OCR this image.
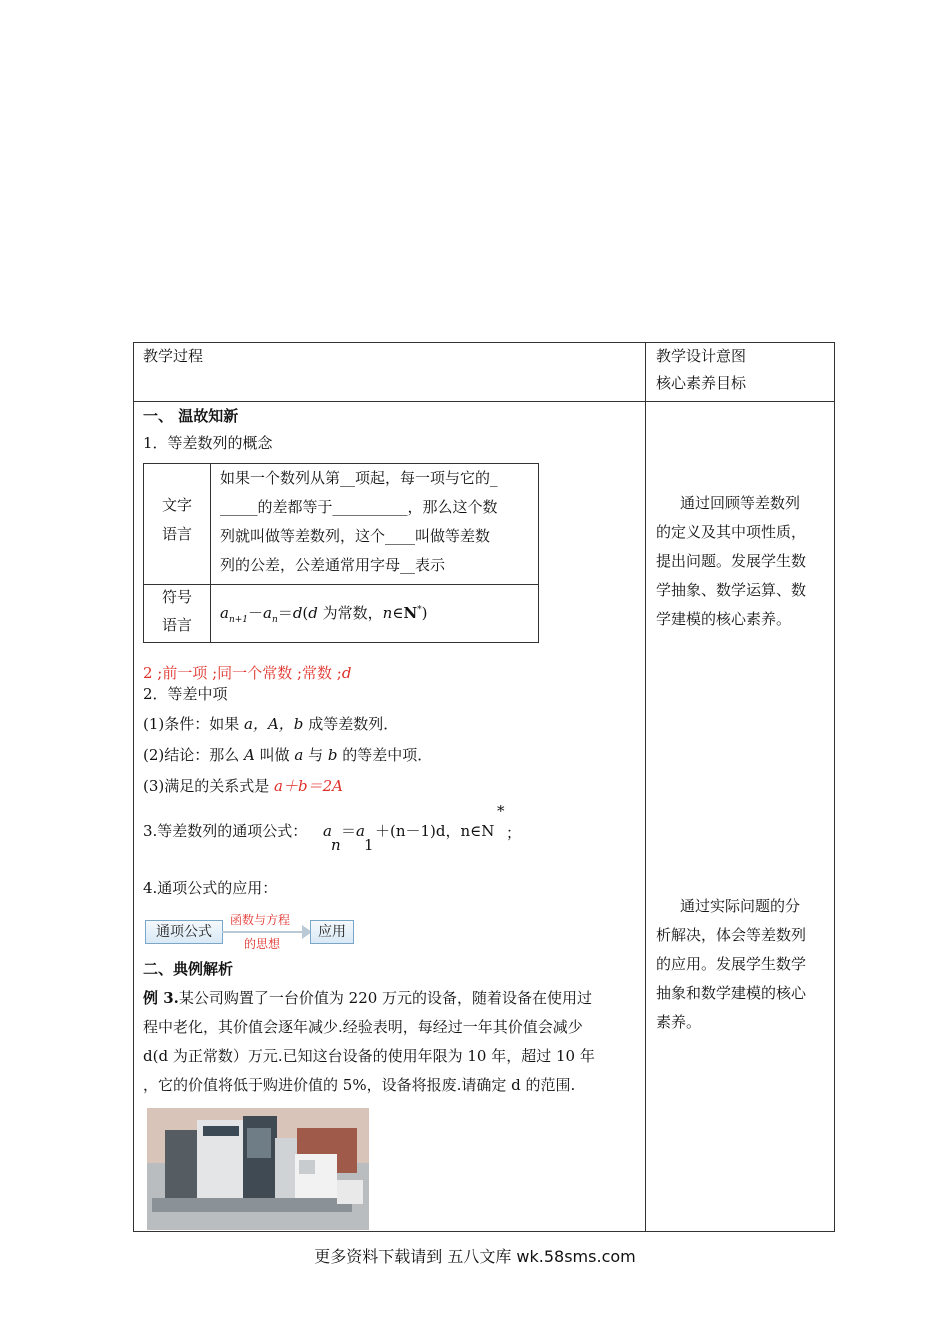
教学过程	教学设计意图
核心素养目标
一、 温故知新
1．等差数列的概念
文字
语言
如果一个数列从第__项起，每一项与它的_
_____的差都等于__________，那么这个数
列就叫做等差数列，这个____叫做等差数
列的公差，公差通常用字母__表示
符号
语言
$a_{n+1}-a_n=d(d$ 为常数，n∈N*)
2 ;前一项 ;同一个常数 ;常数 ;d
2．等差中项
(1)条件：如果 a，A，b 成等差数列．
(2)结论：那么 A 叫做 a 与 b 的等差中项．
(3)满足的关系式是 a＋b＝2A
3.等差数列的通项公式： a
n
＝ a
1
＋(n－1)d，n∈N
*
；
4.通项公式的应用：
通项公式
函数与方程
的思想
应用
二、典例解析
例 3.某公司购置了一台价值为 220 万元的设备，随着设备在使用过
程中老化，其价值会逐年减少.经验表明，每经过一年其价值会减少
d(d 为正常数）万元.已知这台设备的使用年限为 10 年，超过 10 年
，它的价值将低于购进价值的 5%，设备将报废.请确定 d 的范围.
通过回顾等差数列
的定义及其中项性质，
提出问题。发展学生数
学抽象、数学运算、数
学建模的核心素养。
通过实际问题的分
析解决，体会等差数列
的应用。发展学生数学
抽象和数学建模的核心
素养。
更多资料下载请到 五八文库 wk.58sms.com
